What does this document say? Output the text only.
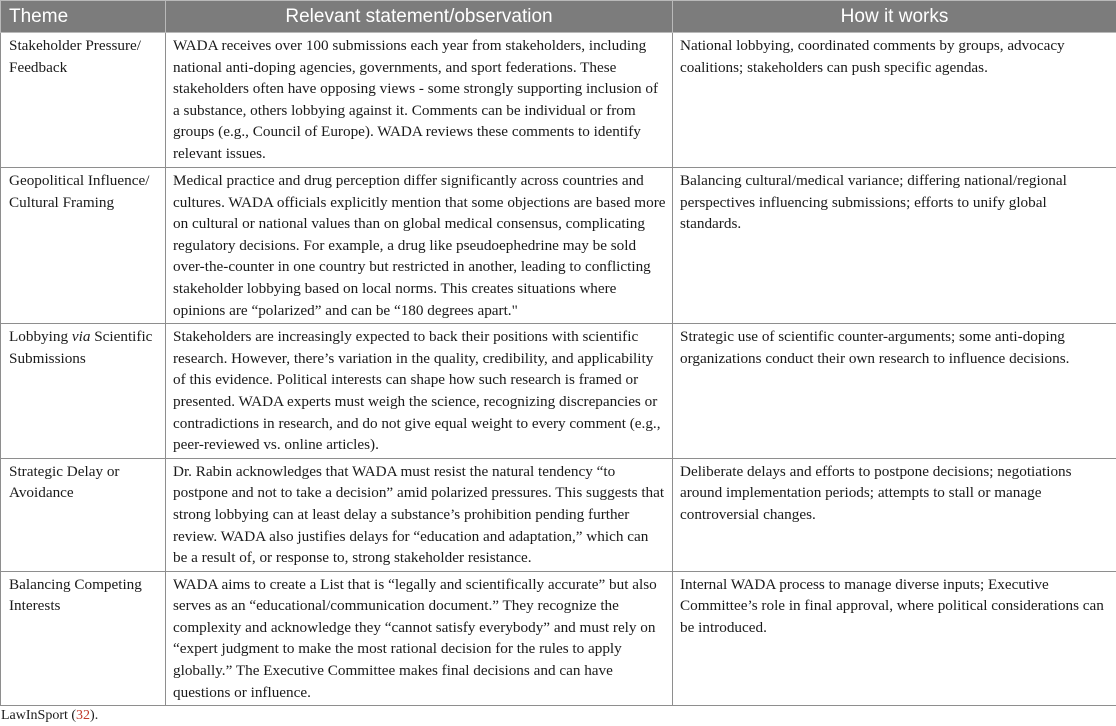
Theme	Relevant statement/observation	How it works
Stakeholder Pressure/ Feedback	WADA receives over 100 submissions each year from stakeholders, including national anti-doping agencies, governments, and sport federations. These stakeholders often have opposing views - some strongly supporting inclusion of a substance, others lobbying against it. Comments can be individual or from groups (e.g., Council of Europe). WADA reviews these comments to identify relevant issues.	National lobbying, coordinated comments by groups, advocacy coalitions; stakeholders can push specific agendas.
Geopolitical Influence/ Cultural Framing	Medical practice and drug perception differ significantly across countries and cultures. WADA officials explicitly mention that some objections are based more on cultural or national values than on global medical consensus, complicating regulatory decisions. For example, a drug like pseudoephedrine may be sold over-the-counter in one country but restricted in another, leading to conflicting stakeholder lobbying based on local norms. This creates situations where opinions are “polarized” and can be “180 degrees apart."	Balancing cultural/medical variance; differing national/regional perspectives influencing submissions; efforts to unify global standards.
Lobbying via Scientific Submissions	Stakeholders are increasingly expected to back their positions with scientific research. However, there’s variation in the quality, credibility, and applicability of this evidence. Political interests can shape how such research is framed or presented. WADA experts must weigh the science, recognizing discrepancies or contradictions in research, and do not give equal weight to every comment (e.g., peer-reviewed vs. online articles).	Strategic use of scientific counter-arguments; some anti-doping organizations conduct their own research to influence decisions.
Strategic Delay or Avoidance	Dr. Rabin acknowledges that WADA must resist the natural tendency “to postpone and not to take a decision” amid polarized pressures. This suggests that strong lobbying can at least delay a substance’s prohibition pending further review. WADA also justifies delays for “education and adaptation,” which can be a result of, or response to, strong stakeholder resistance.	Deliberate delays and efforts to postpone decisions; negotiations around implementation periods; attempts to stall or manage controversial changes.
Balancing Competing Interests	WADA aims to create a List that is “legally and scientifically accurate” but also serves as an “educational/communication document.” They recognize the complexity and acknowledge they “cannot satisfy everybody” and must rely on “expert judgment to make the most rational decision for the rules to apply globally.” The Executive Committee makes final decisions and can have questions or influence.	Internal WADA process to manage diverse inputs; Executive Committee’s role in final approval, where political considerations can be introduced.
LawInSport (32).
